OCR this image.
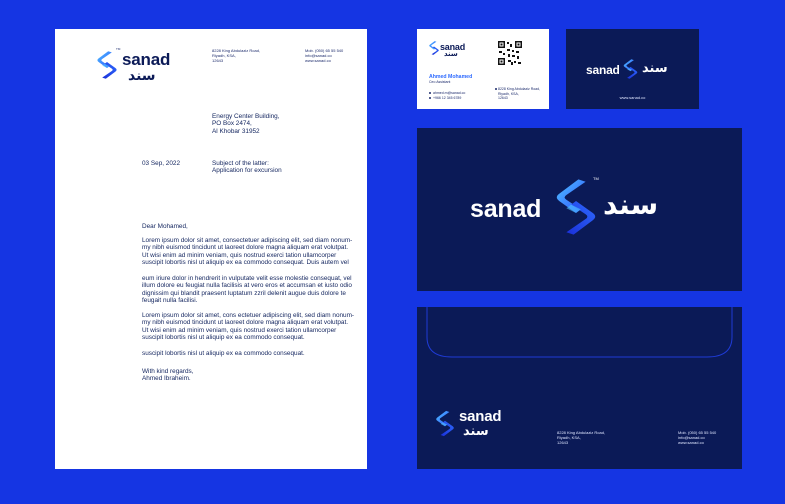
TM
sanad
سند
8228 King Abdulaziz Road,
Riyadh, KSA,
12643
Mob. (050) 65 55 540
info@sanad.co
www.sanad.co
Energy Center Building,
PO Box 2474,
Al Khobar 31952
03 Sep, 2022	Subject of the latter:
Application for excursion
Dear Mohamed,
Lorem ipsum dolor sit amet, consectetuer adipiscing elit, sed diam nonum-
my nibh euismod tincidunt ut laoreet dolore magna aliquam erat volutpat.
Ut wisi enim ad minim veniam, quis nostrud exerci tation ullamcorper
suscipit lobortis nisl ut aliquip ex ea commodo consequat. Duis autem vel
eum iriure dolor in hendrerit in vulputate velit esse molestie consequat, vel
illum dolore eu feugiat nulla facilisis at vero eros et accumsan et iusto odio
dignissim qui blandit praesent luptatum zzril delenit augue duis dolore te
feugait nulla facilisi.
Lorem ipsum dolor sit amet, cons ectetuer adipiscing elit, sed diam nonum-
my nibh euismod tincidunt ut laoreet dolore magna aliquam erat volutpat.
Ut wisi enim ad minim veniam, quis nostrud exerci tation ullamcorper
suscipit lobortis nisl ut aliquip ex ea commodo consequat.
suscipit lobortis nisl ut aliquip ex ea commodo consequat.
With kind regards,
Ahmed Ibraheim.
sanad
سند
Ahmed Mohamed
Ceo Assistant
ahmed.m@sanad.co
+966 12 345 6789
8228 King Abdulaziz Road,
Riyadh, KSA,
12643
sanad سند
www.sanad.co
sanad
TM
سند
sanad
سند	8228 King Abdulaziz Road,
Riyadh, KSA,
12643
Mob. (050) 65 55 540
info@sanad.co
www.sanad.co
